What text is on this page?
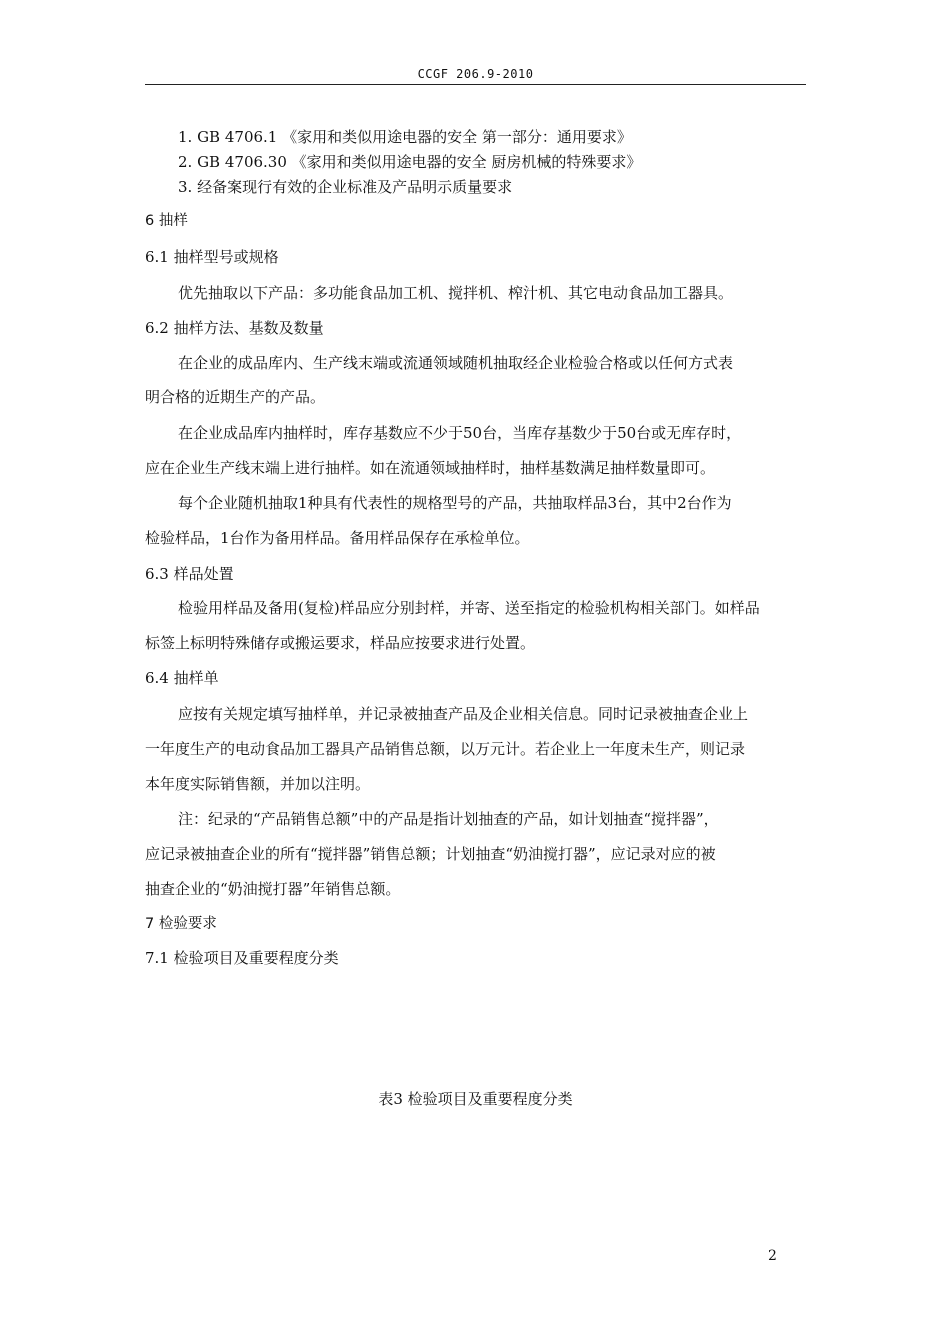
CCGF 206.9-2010
1. GB 4706.1 《家用和类似用途电器的安全 第一部分：通用要求》
2. GB 4706.30 《家用和类似用途电器的安全 厨房机械的特殊要求》
3. 经备案现行有效的企业标准及产品明示质量要求
6 抽样
6.1 抽样型号或规格
优先抽取以下产品：多功能食品加工机、搅拌机、榨汁机、其它电动食品加工器具。
6.2 抽样方法、基数及数量
在企业的成品库内、生产线末端或流通领域随机抽取经企业检验合格或以任何方式表
明合格的近期生产的产品。
在企业成品库内抽样时，库存基数应不少于50台，当库存基数少于50台或无库存时，
应在企业生产线末端上进行抽样。如在流通领域抽样时，抽样基数满足抽样数量即可。
每个企业随机抽取1种具有代表性的规格型号的产品，共抽取样品3台，其中2台作为
检验样品，1台作为备用样品。备用样品保存在承检单位。
6.3 样品处置
检验用样品及备用(复检)样品应分别封样，并寄、送至指定的检验机构相关部门。如样品
标签上标明特殊储存或搬运要求，样品应按要求进行处置。
6.4 抽样单
应按有关规定填写抽样单，并记录被抽查产品及企业相关信息。同时记录被抽查企业上
一年度生产的电动食品加工器具产品销售总额，以万元计。若企业上一年度未生产，则记录
本年度实际销售额，并加以注明。
注：纪录的“产品销售总额”中的产品是指计划抽查的产品，如计划抽查“搅拌器”，
应记录被抽查企业的所有“搅拌器”销售总额；计划抽查“奶油搅打器”，应记录对应的被
抽查企业的“奶油搅打器”年销售总额。
7 检验要求
7.1 检验项目及重要程度分类
表3 检验项目及重要程度分类
2
